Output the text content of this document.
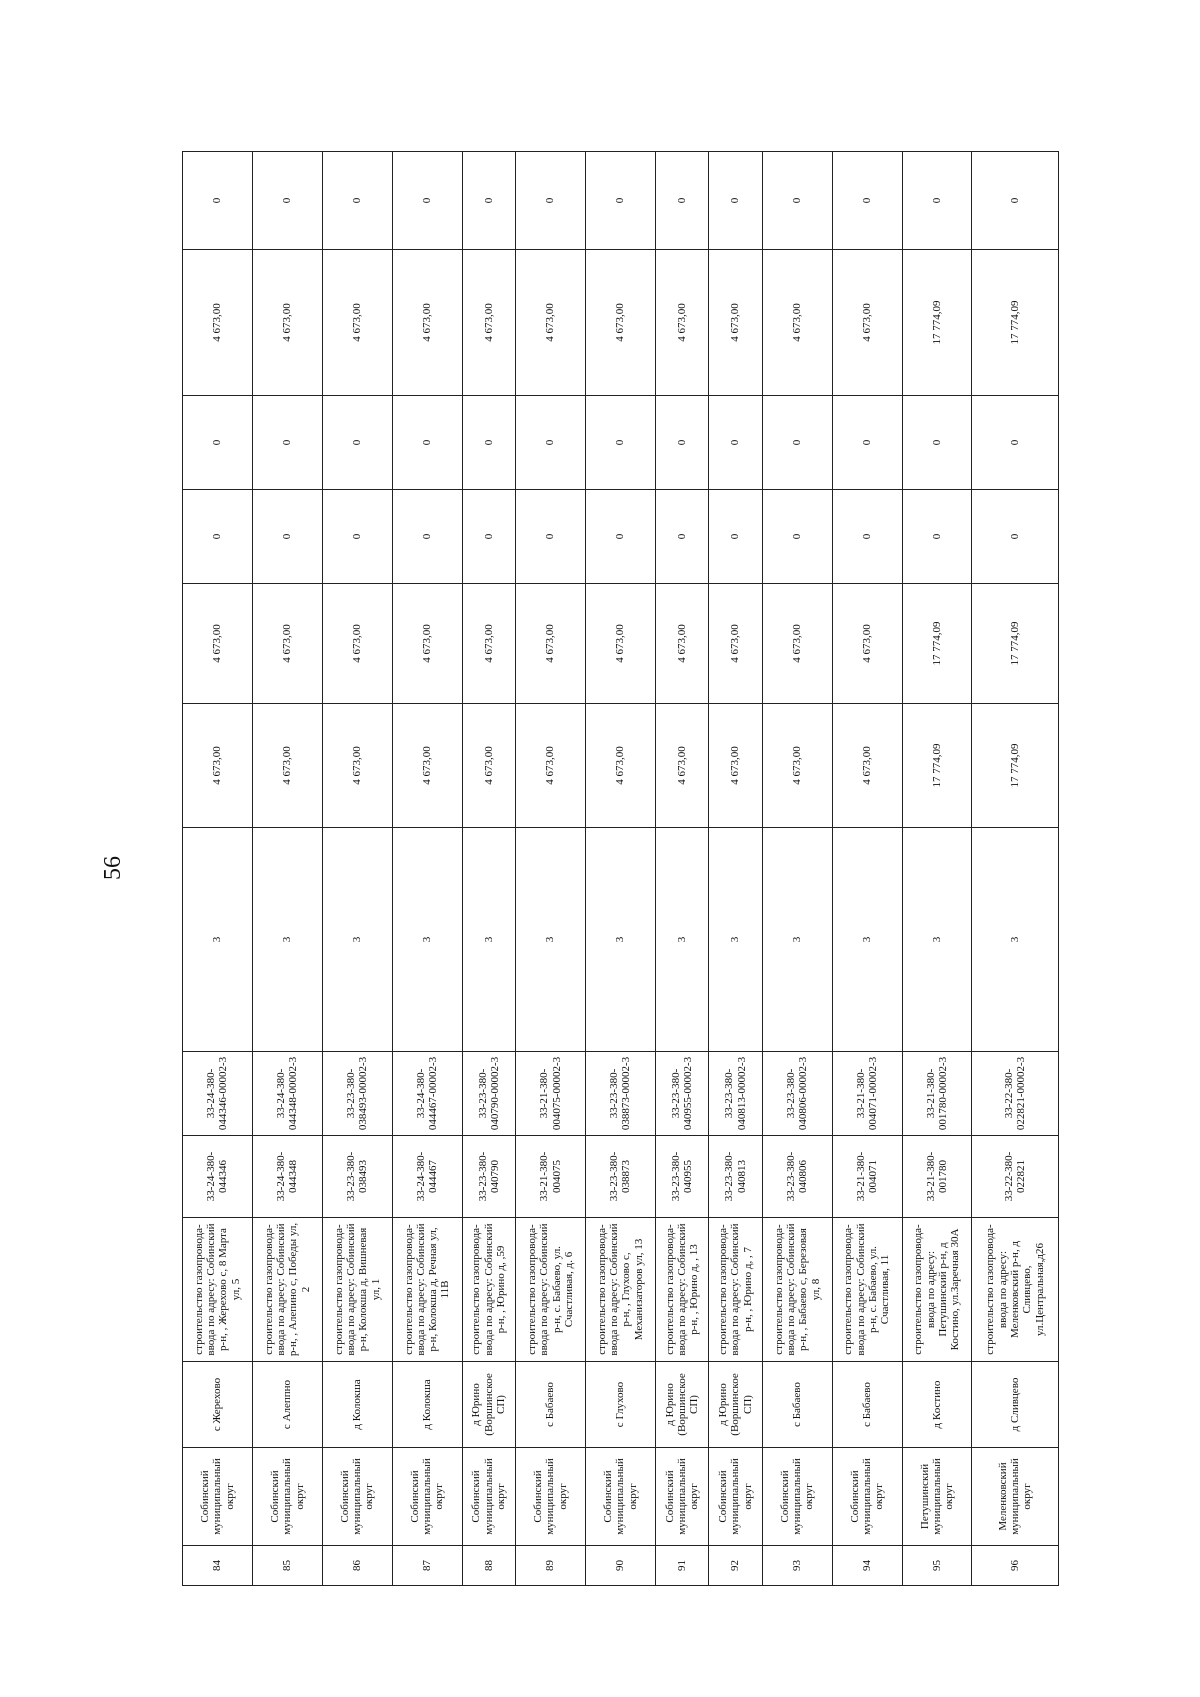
56
84	Собинский муниципальный округ	с Жерехово	строительство газопровода-ввода по адресу: Собинский р-н, , Жерехово с, 8 Марта ул, 5	33-24-380-044346	33-24-380-044346-00002-3	3	4 673,00	4 673,00	0	0	4 673,00	0
85	Собинский муниципальный округ	с Алеппно	строительство газопровода-ввода по адресу: Собинский р-н, , Алепино с, Победы ул, 2	33-24-380-044348	33-24-380-044348-00002-3	3	4 673,00	4 673,00	0	0	4 673,00	0
86	Собинский муниципальный округ	д Колокша	строительство газопровода-ввода по адресу: Собинский р-н, Колокша д, Вишневая ул, 1	33-23-380-038493	33-23-380-038493-00002-3	3	4 673,00	4 673,00	0	0	4 673,00	0
87	Собинский муниципальный округ	д Колокша	строительство газопровода-ввода по адресу: Собинский р-н, Колокша д, Речная ул, 11В	33-24-380-044467	33-24-380-044467-00002-3	3	4 673,00	4 673,00	0	0	4 673,00	0
88	Собинский муниципальный округ	д Юрино (Воршинское СП)	строительство газопровода-ввода по адресу: Собинский р-н, , Юрино д, ,59	33-23-380-040790	33-23-380-040790-00002-3	3	4 673,00	4 673,00	0	0	4 673,00	0
89	Собинский муниципальный округ	с Бабаево	строительство газопровода-ввода по адресу: Собинский р-н, с. Бабаево, ул. Счастливая, д. 6	33-21-380-004075	33-21-380-004075-00002-3	3	4 673,00	4 673,00	0	0	4 673,00	0
90	Собинский муниципальный округ	с Глухово	строительство газопровода-ввода по адресу: Собинский р-н, , Глухово с, Механизаторов ул, 13	33-23-380-038873	33-23-380-038873-00002-3	3	4 673,00	4 673,00	0	0	4 673,00	0
91	Собинский муниципальный округ	д Юрино (Воршинское СП)	строительство газопровода-ввода по адресу: Собинский р-н, , Юрино д, , 13	33-23-380-040955	33-23-380-040955-00002-3	3	4 673,00	4 673,00	0	0	4 673,00	0
92	Собинский муниципальный округ	д Юрино (Воршинское СП)	строительство газопровода-ввода по адресу: Собинский р-н, , Юрино д, , 7	33-23-380-040813	33-23-380-040813-00002-3	3	4 673,00	4 673,00	0	0	4 673,00	0
93	Собинский муниципальный округ	с Бабаево	строительство газопровода-ввода по адресу: Собинский р-н, , Бабаево с, Березовая ул, 8	33-23-380-040806	33-23-380-040806-00002-3	3	4 673,00	4 673,00	0	0	4 673,00	0
94	Собинский муниципальный округ	с Бабаево	строительство газопровода-ввода по адресу: Собинский р-н, с. Бабаево, ул. Счастливая, 11	33-21-380-004071	33-21-380-004071-00002-3	3	4 673,00	4 673,00	0	0	4 673,00	0
95	Петушинский муниципальный округ	д Костино	строительство газопровода-ввода по адресу: Петушинский р-н, д Костино, ул.Заречная 30А	33-21-380-001780	33-21-380-001780-00002-3	3	17 774,09	17 774,09	0	0	17 774,09	0
96	Меленковский муниципальный округ	д Сливцево	строительство газопровода-ввода по адресу: Меленковский р-н, д Сливцево, ул.Центральная,д26	33-22-380-022821	33-22-380-022821-00002-3	3	17 774,09	17 774,09	0	0	17 774,09	0
